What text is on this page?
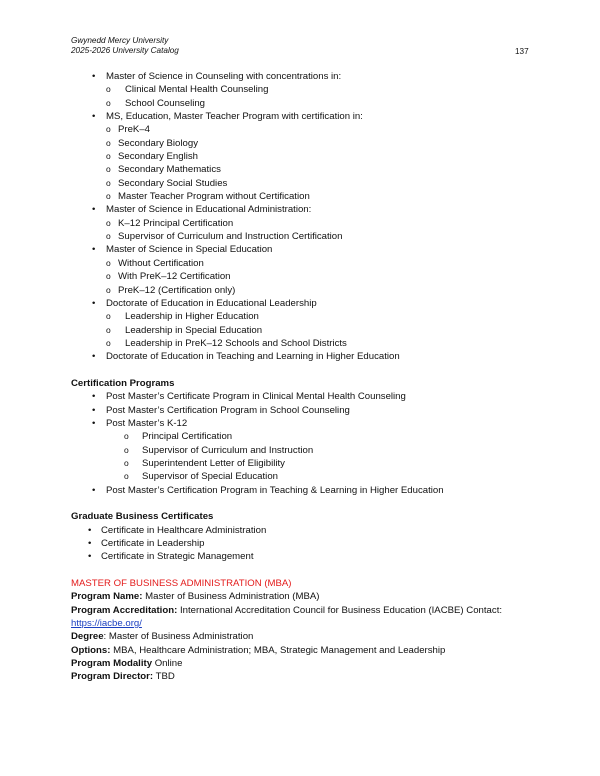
Gwynedd Mercy University
2025-2026 University Catalog	137
• Master of Science in Counseling with concentrations in:
o Clinical Mental Health Counseling
o School Counseling
• MS, Education, Master Teacher Program with certification in:
o PreK–4
o Secondary Biology
o Secondary English
o Secondary Mathematics
o Secondary Social Studies
o Master Teacher Program without Certification
• Master of Science in Educational Administration:
o K–12 Principal Certification
o Supervisor of Curriculum and Instruction Certification
• Master of Science in Special Education
o Without Certification
o With PreK–12 Certification
o PreK–12 (Certification only)
• Doctorate of Education in Educational Leadership
o Leadership in Higher Education
o Leadership in Special Education
o Leadership in PreK–12 Schools and School Districts
• Doctorate of Education in Teaching and Learning in Higher Education
Certification Programs
• Post Master’s Certificate Program in Clinical Mental Health Counseling
• Post Master’s Certification Program in School Counseling
• Post Master’s K-12
o Principal Certification
o Supervisor of Curriculum and Instruction
o Superintendent Letter of Eligibility
o Supervisor of Special Education
• Post Master’s Certification Program in Teaching & Learning in Higher Education
Graduate Business Certificates
• Certificate in Healthcare Administration
• Certificate in Leadership
• Certificate in Strategic Management
MASTER OF BUSINESS ADMINISTRATION (MBA)
Program Name: Master of Business Administration (MBA)
Program Accreditation: International Accreditation Council for Business Education (IACBE) Contact:
https://iacbe.org/
Degree: Master of Business Administration
Options: MBA, Healthcare Administration; MBA, Strategic Management and Leadership
Program Modality Online
Program Director: TBD
